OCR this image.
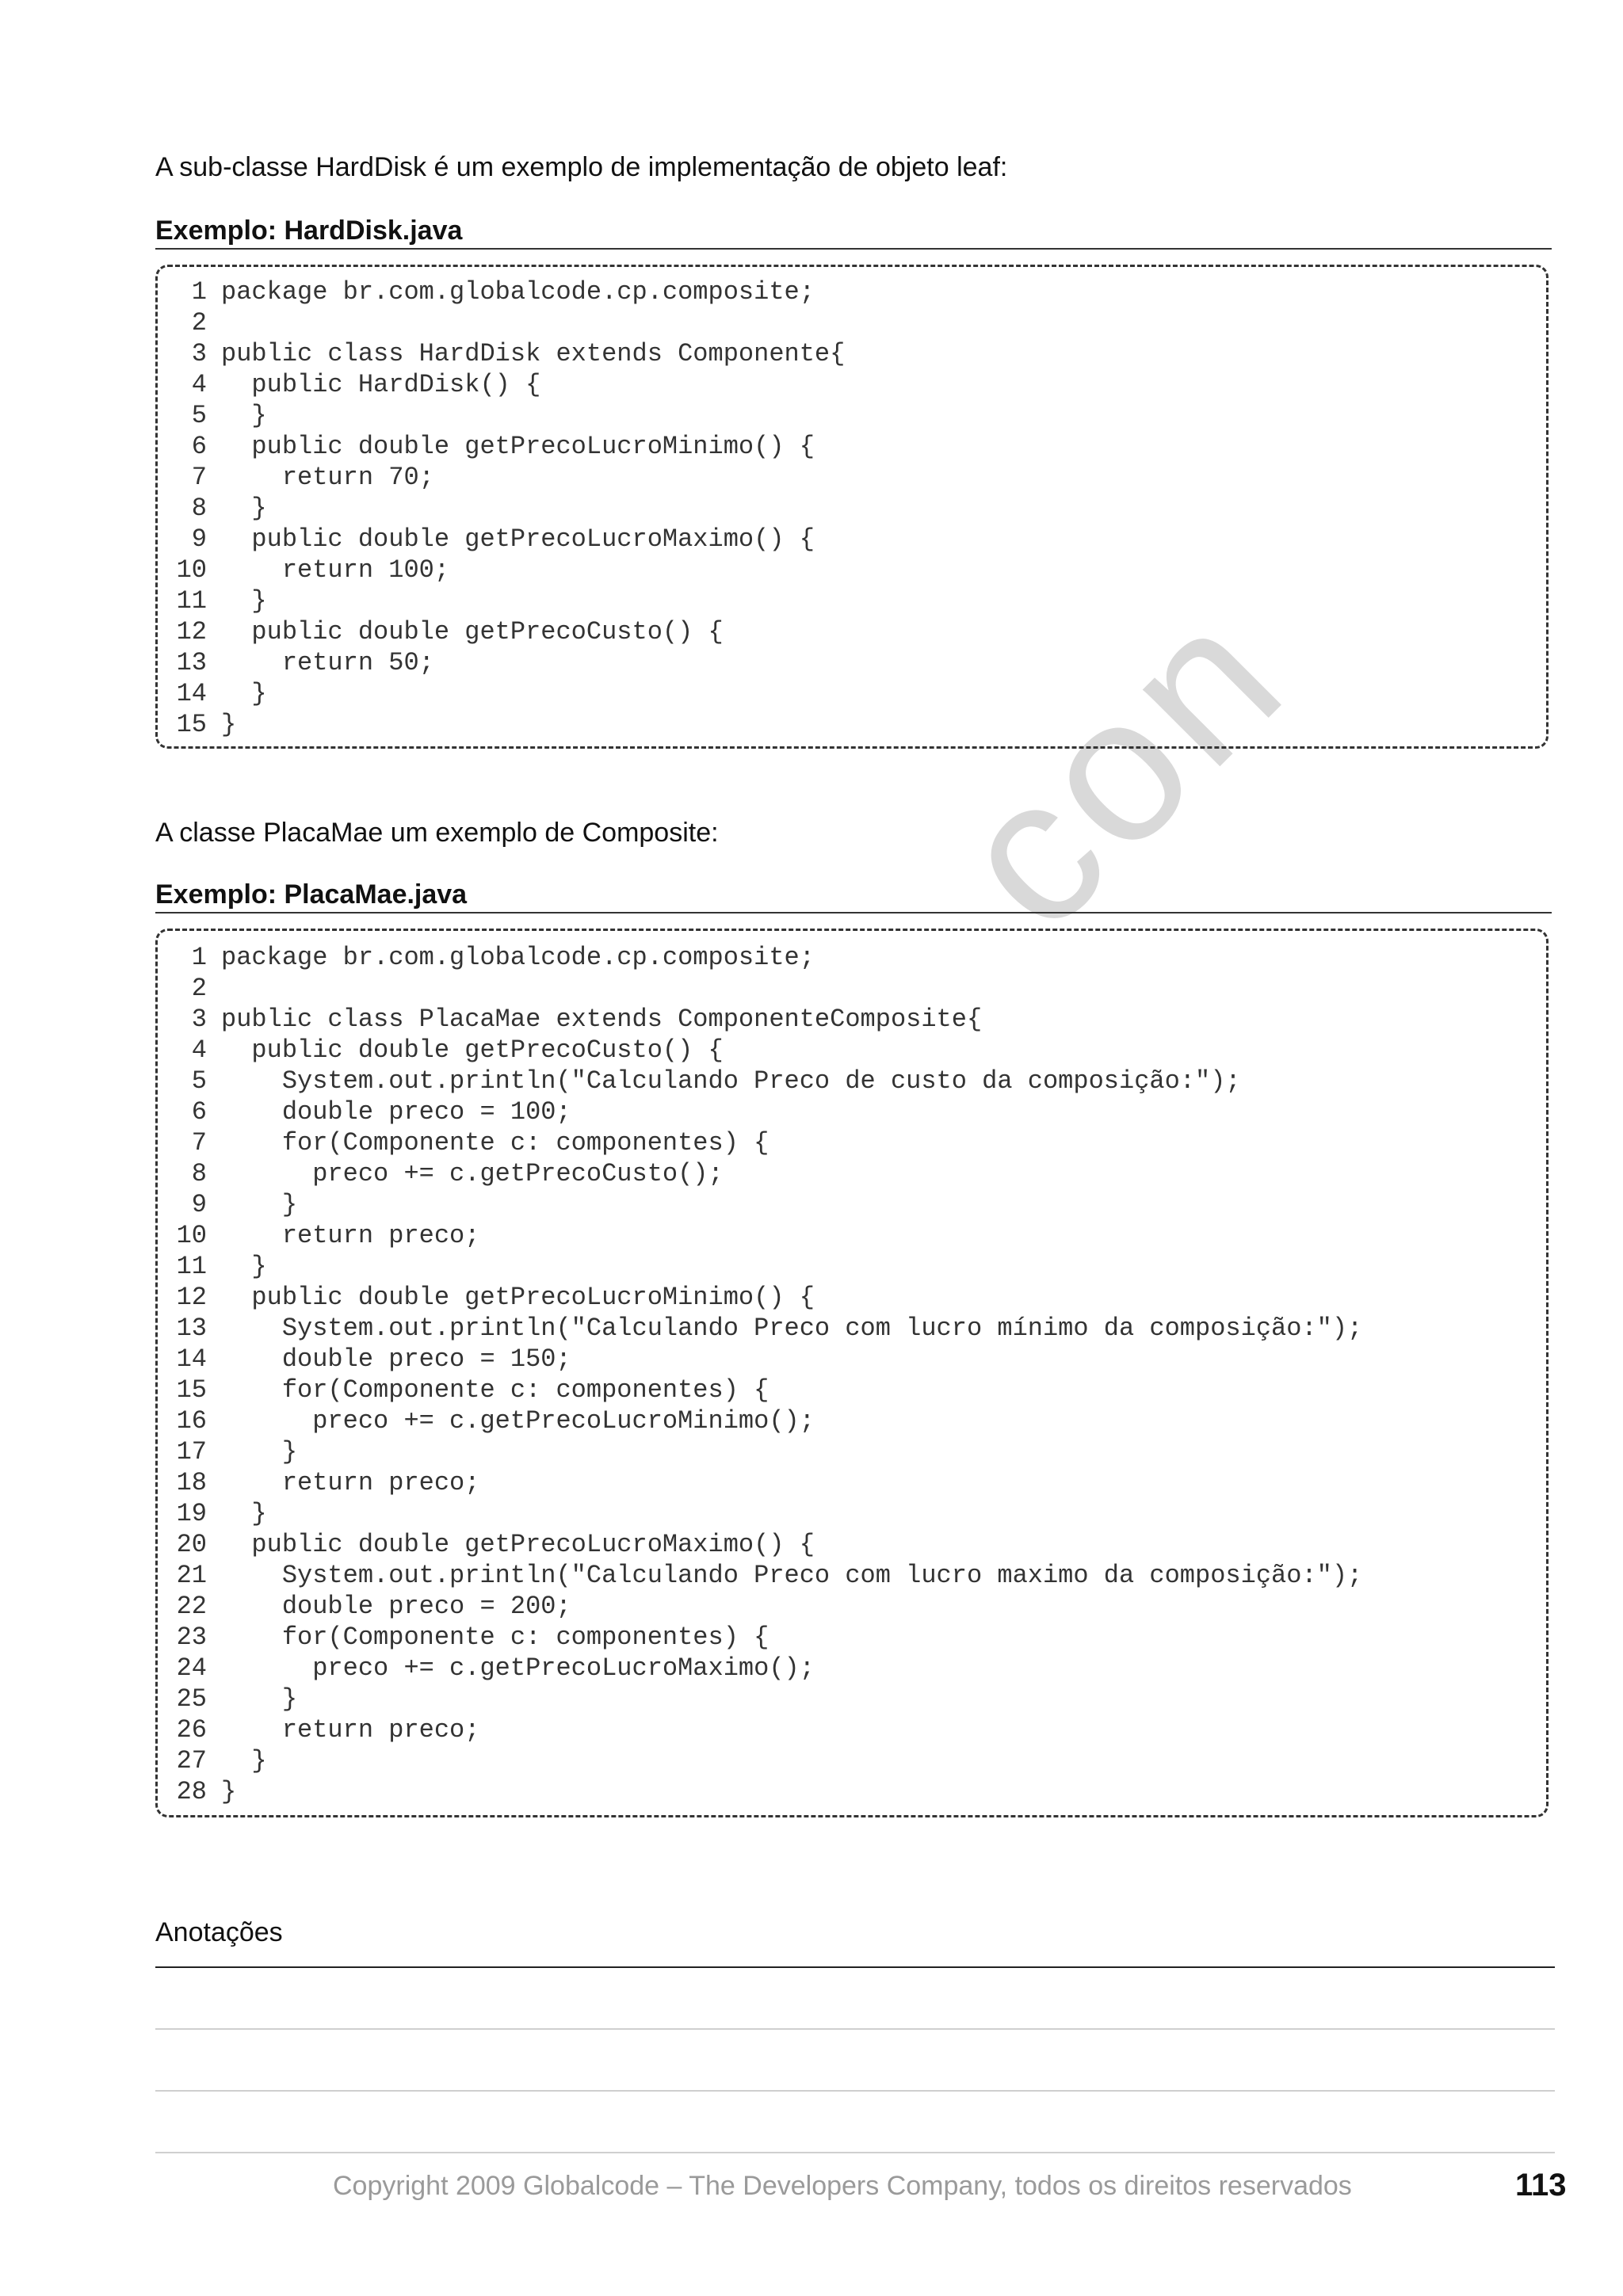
con
A sub-classe HardDisk é um exemplo de implementação de objeto leaf:
Exemplo: HardDisk.java
1 package br.com.globalcode.cp.composite;
2
3 public class HardDisk extends Componente{
4  public HardDisk() {
5  }
6  public double getPrecoLucroMinimo() {
7    return 70;
8  }
9  public double getPrecoLucroMaximo() {
10    return 100;
11  }
12  public double getPrecoCusto() {
13    return 50;
14  }
15 }
A classe PlacaMae um exemplo de Composite:
Exemplo: PlacaMae.java
1 package br.com.globalcode.cp.composite;
2
3 public class PlacaMae extends ComponenteComposite{
4  public double getPrecoCusto() {
5    System.out.println("Calculando Preco de custo da composição:");
6    double preco = 100;
7    for(Componente c: componentes) {
8      preco += c.getPrecoCusto();
9    }
10    return preco;
11  }
12  public double getPrecoLucroMinimo() {
13    System.out.println("Calculando Preco com lucro mínimo da composição:");
14    double preco = 150;
15    for(Componente c: componentes) {
16      preco += c.getPrecoLucroMinimo();
17    }
18    return preco;
19  }
20  public double getPrecoLucroMaximo() {
21    System.out.println("Calculando Preco com lucro maximo da composição:");
22    double preco = 200;
23    for(Componente c: componentes) {
24      preco += c.getPrecoLucroMaximo();
25    }
26    return preco;
27  }
28 }
Anotações
Copyright 2009 Globalcode – The Developers Company, todos os direitos reservados	113
